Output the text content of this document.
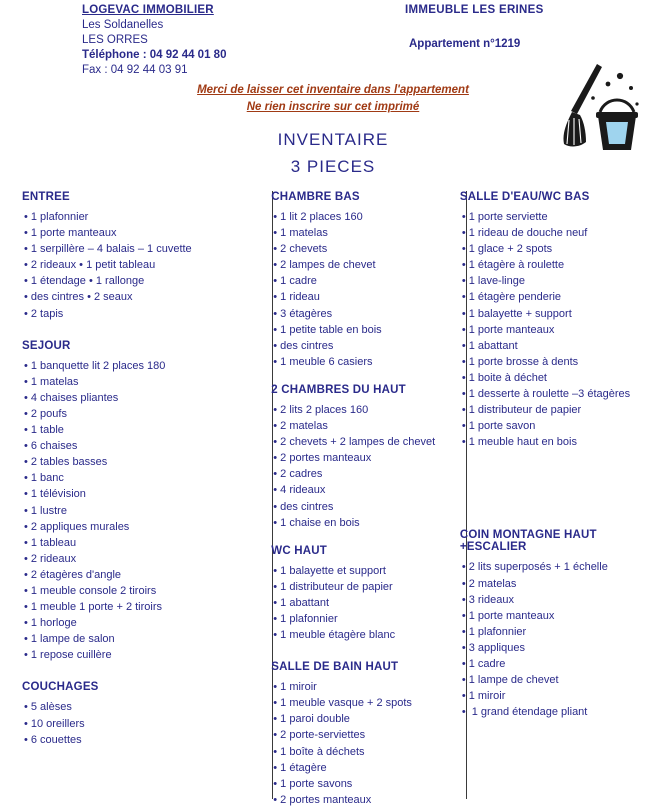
LOGEVAC IMMOBILIER
Les Soldanelles
LES ORRES
Téléphone : 04 92 44 01 80
Fax : 04 92 44 03 91
IMMEUBLE LES ERINES
Appartement n°1219
Merci de laisser cet inventaire dans l'appartement
Ne rien inscrire sur cet imprimé
INVENTAIRE
3 PIECES
ENTREE
• 1 plafonnier
• 1 porte manteaux
• 1 serpillère – 4 balais – 1 cuvette
• 2 rideaux • 1 petit tableau
• 1 étendage • 1 rallonge
• des cintres • 2 seaux
• 2 tapis
SEJOUR
• 1 banquette lit 2 places 180
• 1 matelas
• 4 chaises pliantes
• 2 poufs
• 1 table
• 6 chaises
• 2 tables basses
• 1 banc
• 1 télévision
• 1 lustre
• 2 appliques murales
• 1 tableau
• 2 rideaux
• 2 étagères d'angle
• 1 meuble console 2 tiroirs
• 1 meuble 1 porte + 2 tiroirs
• 1 horloge
• 1 lampe de salon
• 1 repose cuillère
COUCHAGES
• 5 alèses
• 10 oreillers
• 6 couettes
CHAMBRE BAS
• 1 lit 2 places 160
• 1 matelas
• 2 chevets
• 2 lampes de chevet
• 1 cadre
• 1 rideau
• 3 étagères
• 1 petite table en bois
• des cintres
• 1 meuble 6 casiers
2 CHAMBRES DU HAUT
• 2 lits 2 places 160
• 2 matelas
• 2 chevets + 2 lampes de chevet
• 2 portes manteaux
• 2 cadres
• 4 rideaux
• des cintres
• 1 chaise en bois
WC HAUT
• 1 balayette et support
• 1 distributeur de papier
• 1 abattant
• 1 plafonnier
• 1 meuble étagère blanc
SALLE DE BAIN HAUT
• 1 miroir
• 1 meuble vasque + 2 spots
• 1 paroi double
• 2 porte-serviettes
• 1 boîte à déchets
• 1 étagère
• 1 porte savons
• 2 portes manteaux
SALLE D'EAU/WC BAS
• 1 porte serviette
• 1 rideau de douche neuf
• 1 glace + 2 spots
• 1 étagère à roulette
• 1 lave-linge
• 1 étagère penderie
• 1 balayette + support
• 1 porte manteaux
• 1 abattant
• 1 porte brosse à dents
• 1 boite à déchet
• 1 desserte à roulette –3 étagères
• 1 distributeur de papier
• 1 porte savon
• 1 meuble haut en bois
COIN MONTAGNE HAUT +ESCALIER
• 2 lits superposés + 1 échelle
• 2 matelas
• 3 rideaux
• 1 porte manteaux
• 1 plafonnier
• 3 appliques
• 1 cadre
• 1 lampe de chevet
• 1 miroir
• 1 grand étendage pliant
